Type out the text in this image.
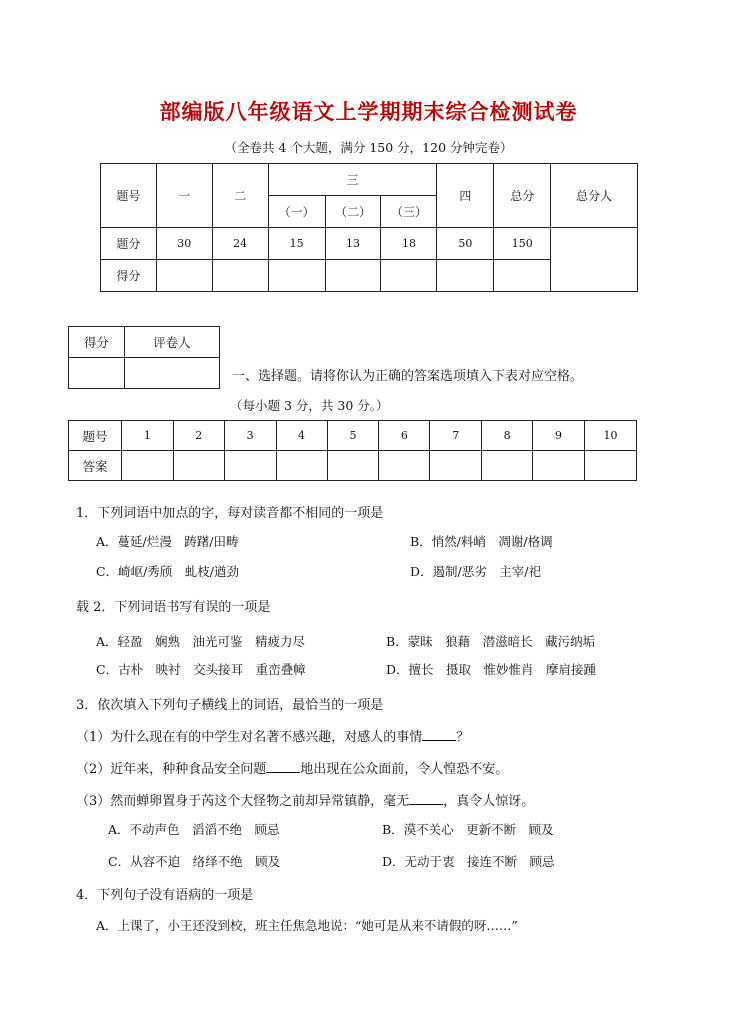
部编版八年级语文上学期期末综合检测试卷
（全卷共 4 个大题，满分 150 分，120 分钟完卷）
题号	一	二	三			四	总分	总分人
			（一）	（二）	（三）			
题分	30	24	15	13	18	50	150	
得分								
得分	评卷人

一、选择题。请将你认为正确的答案选项填入下表对应空格。
（每小题 3 分，共 30 分。）
题号	1	2	3	4	5	6	7	8	9	10
答案										
1．下列词语中加点的字，每对读音都不相同的一项是
A．蔓延/烂漫　踌躇/田畴	B．悄然/料峭　凋谢/格调
C．崎岖/秀颀　虬枝/遒劲	D．遏制/恶劣　主宰/祀
载 2．下列词语书写有误的一项是
A．轻盈　娴熟　油光可鉴　精疲力尽	B．蒙昧　狼藉　潜滋暗长　藏污纳垢
C．古朴　映衬　交头接耳　重峦叠幛	D．擅长　摄取　惟妙惟肖　摩肩接踵
3．依次填入下列句子横线上的词语，最恰当的一项是
（1）为什么现在有的中学生对名著不感兴趣，对感人的事情	？
（2）近年来，种种食品安全问题	地出现在公众面前，令人惶恐不安。
（3）然而蝉卵置身于芮这个大怪物之前却异常镇静，毫无	，真令人惊讶。
A．不动声色　滔滔不绝　顾忌	B．漠不关心　更新不断　顾及
C．从容不迫　络绎不绝　顾及	D．无动于衷　接连不断　顾忌
4．下列句子没有语病的一项是
A．上课了，小王还没到校，班主任焦急地说：“她可是从来不请假的呀……”
